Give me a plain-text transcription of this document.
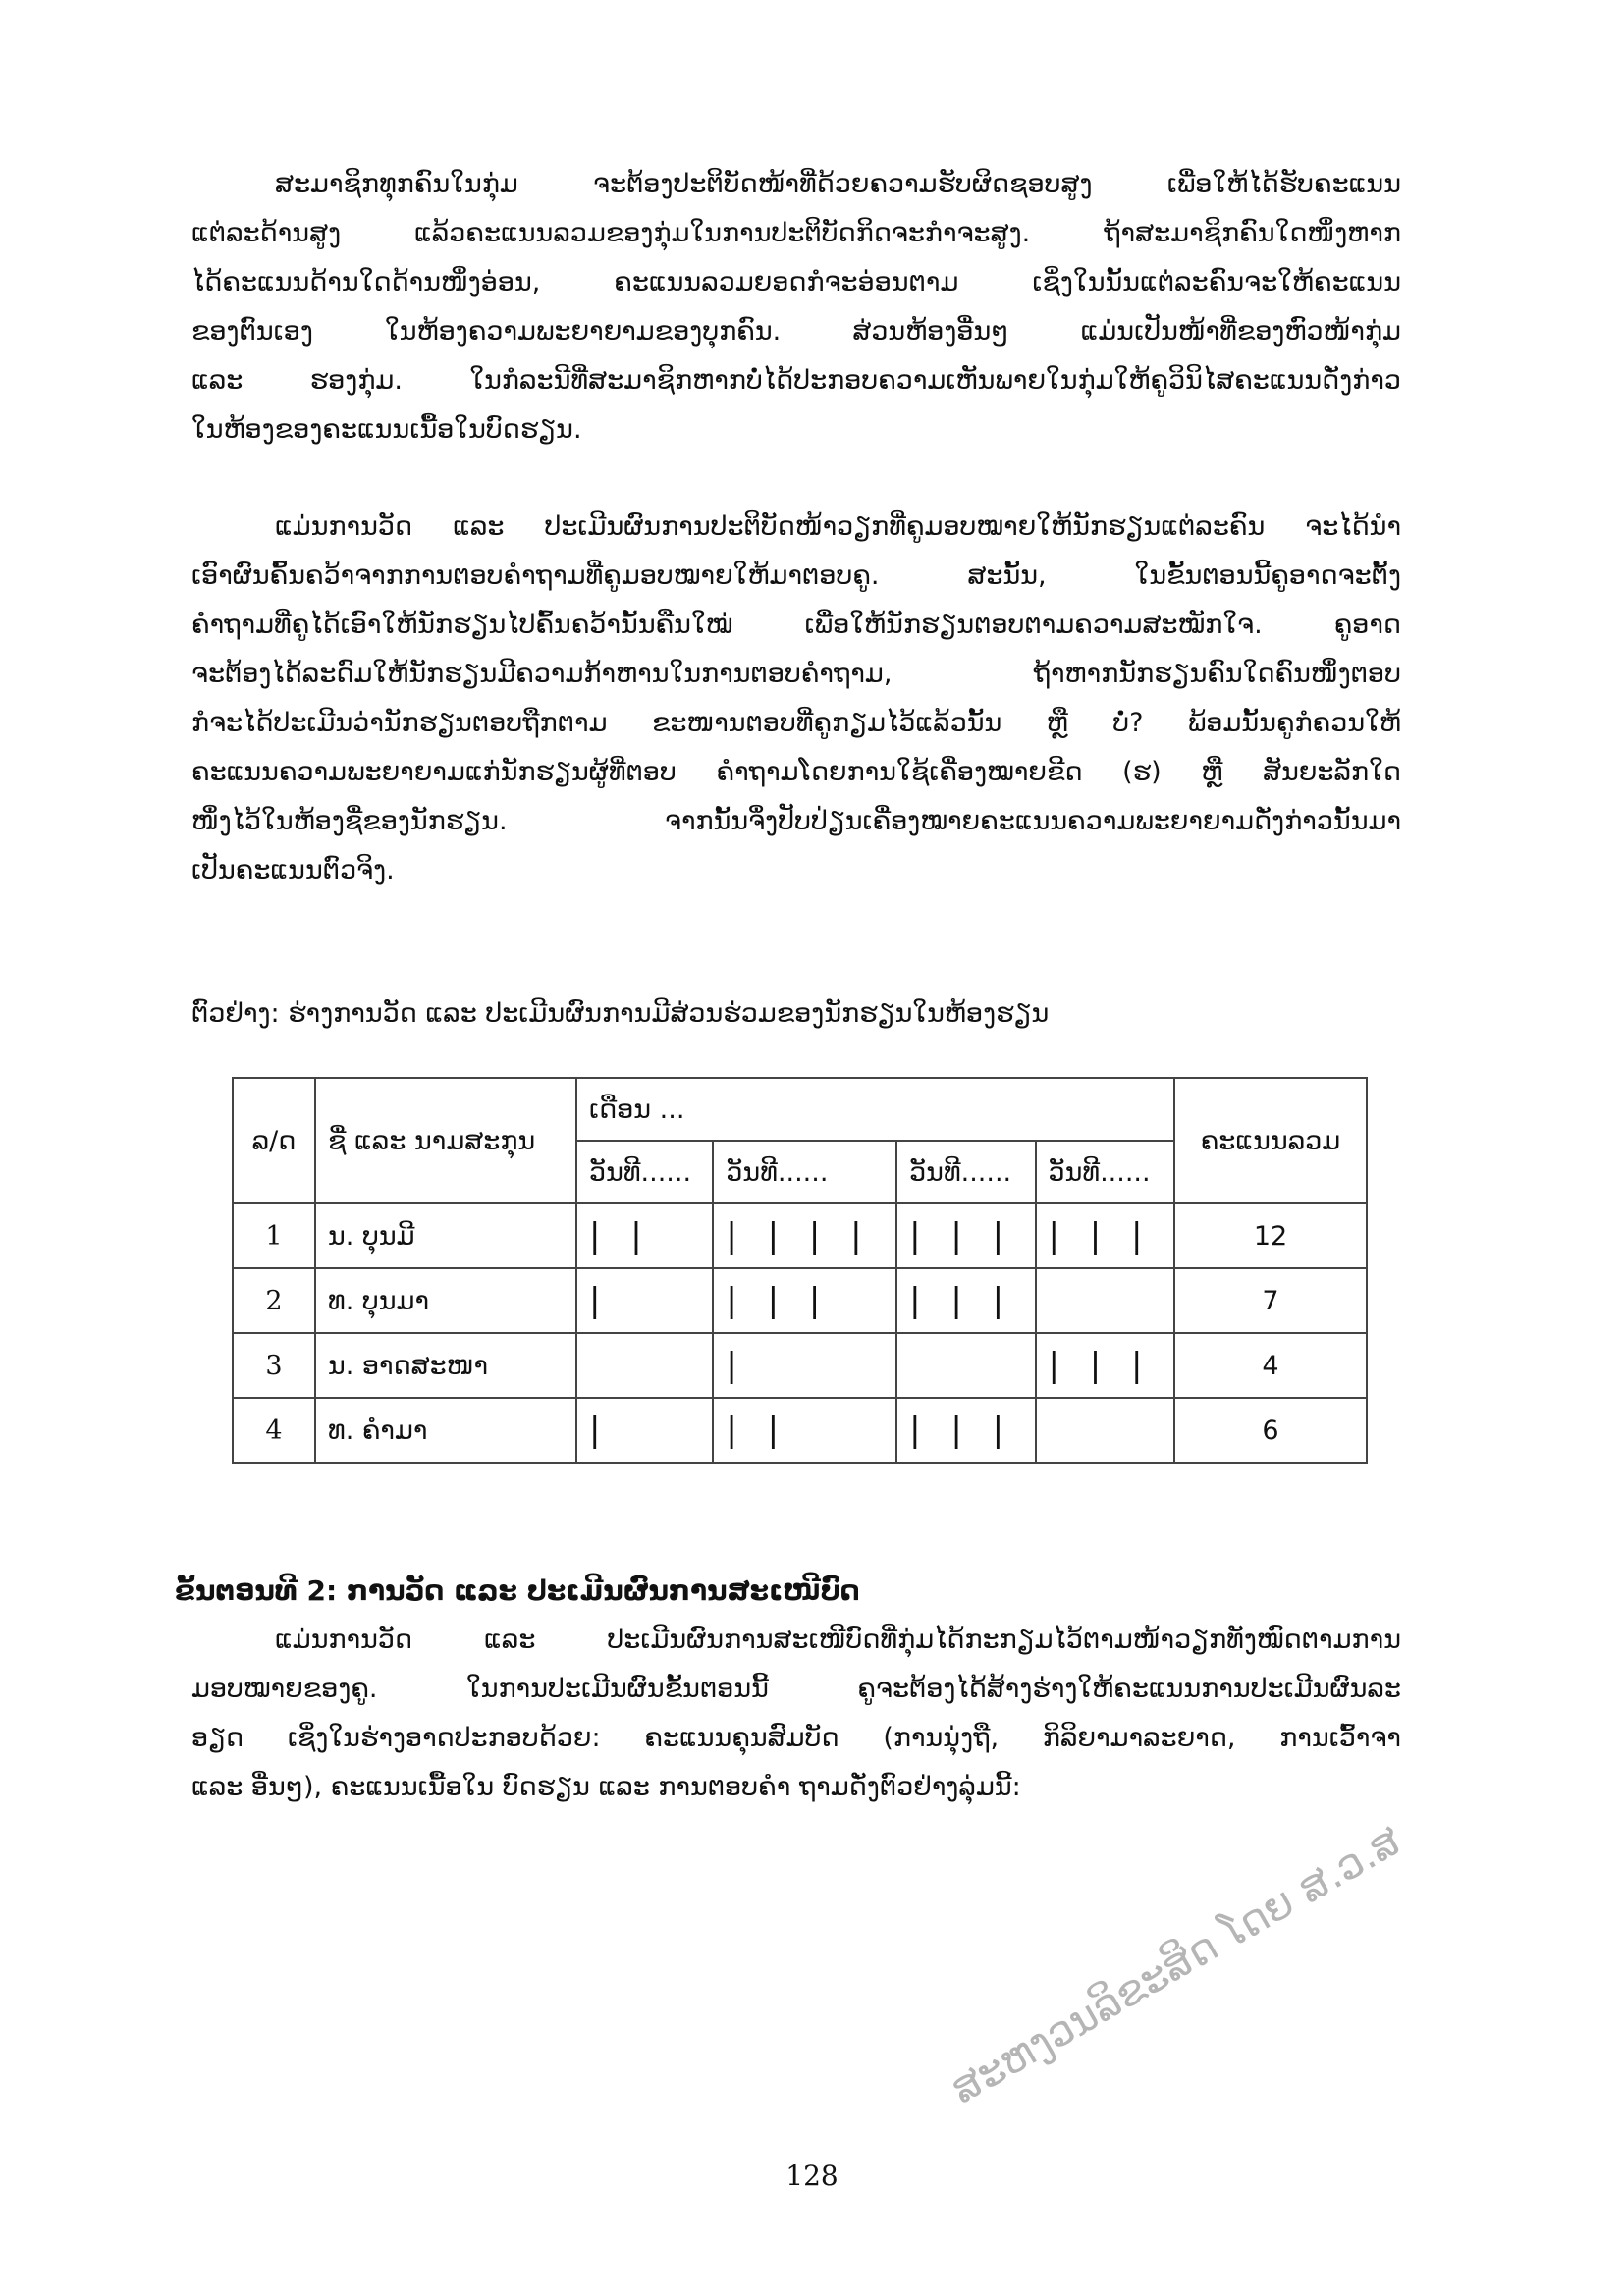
ສະມາຊິກທຸກຄົນໃນກຸ່ມ ຈະຕ້ອງປະຕິບັດໜ້າທີ່ດ້ວຍຄວາມຮັບຜິດຊອບສູງ ເພື່ອໃຫ້ໄດ້ຮັບຄະແນນ
ແຕ່ລະດ້ານສູງ ແລ້ວຄະແນນລວມຂອງກຸ່ມໃນການປະຕິບັດກິດຈະກຳຈະສູງ. ຖ້າສະມາຊິກຄົນໃດໜຶ່ງຫາກ
ໄດ້ຄະແນນດ້ານໃດດ້ານໜຶ່ງອ່ອນ, ຄະແນນລວມຍອດກໍຈະອ່ອນຕາມ ເຊິ່ງໃນນັ້ນແຕ່ລະຄົນຈະໃຫ້ຄະແນນ
ຂອງຕົນເອງ ໃນຫ້ອງຄວາມພະຍາຍາມຂອງບຸກຄົນ. ສ່ວນຫ້ອງອື່ນໆ ແມ່ນເປັນໜ້າທີ່ຂອງຫົວໜ້າກຸ່ມ
ແລະ ຮອງກຸ່ມ. ໃນກໍລະນີທີ່ສະມາຊິກຫາກບໍ່ໄດ້ປະກອບຄວາມເຫັນພາຍໃນກຸ່ມໃຫ້ຄູວິນິໄສຄະແນນດັ່ງກ່າວ
ໃນຫ້ອງຂອງຄະແນນເນື້ອໃນບົດຮຽນ.
ແມ່ນການວັດ ແລະ ປະເມີນຜົນການປະຕິບັດໜ້າວຽກທີ່ຄູມອບໝາຍໃຫ້ນັກຮຽນແຕ່ລະຄົນ ຈະໄດ້ນຳ
ເອົາຜົນຄົ້ນຄວ້າຈາກການຕອບຄຳຖາມທີ່ຄູມອບໝາຍໃຫ້ມາຕອບຄູ. ສະນັ້ນ, ໃນຂັ້ນຕອນນີ້ຄູອາດຈະຕັ້ງ
ຄຳຖາມທີ່ຄູໄດ້ເອົາໃຫ້ນັກຮຽນໄປຄົ້ນຄວ້ານັ້ນຄືນໃໝ່ ເພື່ອໃຫ້ນັກຮຽນຕອບຕາມຄວາມສະໝັກໃຈ. ຄູອາດ
ຈະຕ້ອງໄດ້ລະດົມໃຫ້ນັກຮຽນມີຄວາມກ້າຫານໃນການຕອບຄຳຖາມ, ຖ້າຫາກນັກຮຽນຄົນໃດຄົນໜຶ່ງຕອບ
ກໍຈະໄດ້ປະເມີນວ່ານັກຮຽນຕອບຖືກຕາມ ຂະໜານຕອບທີ່ຄູກຽມໄວ້ແລ້ວນັ້ນ ຫຼື ບໍ່? ພ້ອມນັ້ນຄູກໍຄວນໃຫ້
ຄະແນນຄວາມພະຍາຍາມແກ່ນັກຮຽນຜູ້ທີ່ຕອບ ຄຳຖາມໂດຍການໃຊ້ເຄື່ອງໝາຍຂີດ (ຮ) ຫຼື ສັນຍະລັກໃດ
ໜຶ່ງໄວ້ໃນຫ້ອງຊື່ຂອງນັກຮຽນ. ຈາກນັ້ນຈຶ່ງປັບປ່ຽນເຄື່ອງໝາຍຄະແນນຄວາມພະຍາຍາມດັ່ງກ່າວນັ້ນມາ
ເປັນຄະແນນຕົວຈິງ.
ຕົວຢ່າງ: ຮ່າງການວັດ ແລະ ປະເມີນຜົນການມີສ່ວນຮ່ວມຂອງນັກຮຽນໃນຫ້ອງຮຽນ
ລ/ດ	ຊື່ ແລະ ນາມສະກຸນ	ເດືອນ ...				ຄະແນນລວມ
		ວັນທີ......	ວັນທີ......	ວັນທີ......	ວັນທີ......	
1	ນ. ບຸນມີ	| |	| | | |	| | |	| | |	12
2	ທ. ບຸນມາ	|	| | |	| | |		7
3	ນ. ອາດສະໜາ		|		| | |	4
4	ທ. ຄຳມາ	|	| |	| | |		6
ຂັ້ນຕອນທີ 2: ການວັດ ແລະ ປະເມີນຜົນການສະເໜີບົດ
ແມ່ນການວັດ ແລະ ປະເມີນຜົນການສະເໜີບົດທີ່ກຸ່ມໄດ້ກະກຽມໄວ້ຕາມໜ້າວຽກທັງໝົດຕາມການ
ມອບໝາຍຂອງຄູ. ໃນການປະເມີນຜົນຂັ້ນຕອນນີ້ ຄູຈະຕ້ອງໄດ້ສ້າງຮ່າງໃຫ້ຄະແນນການປະເມີນຜົນລະ
ອຽດ ເຊິ່ງໃນຮ່າງອາດປະກອບດ້ວຍ: ຄະແນນຄຸນສົມບັດ (ການນຸ່ງຖື, ກິລິຍາມາລະຍາດ, ການເວົ້າຈາ
ແລະ ອື່ນໆ), ຄະແນນເນື້ອໃນ ບົດຮຽນ ແລະ ການຕອບຄຳ ຖາມດັ່ງຕົວຢ່າງລຸ່ມນີ້:
ສະຫງວນລິຂະສິດ ໂດຍ ສ.ວ.ສ
128
